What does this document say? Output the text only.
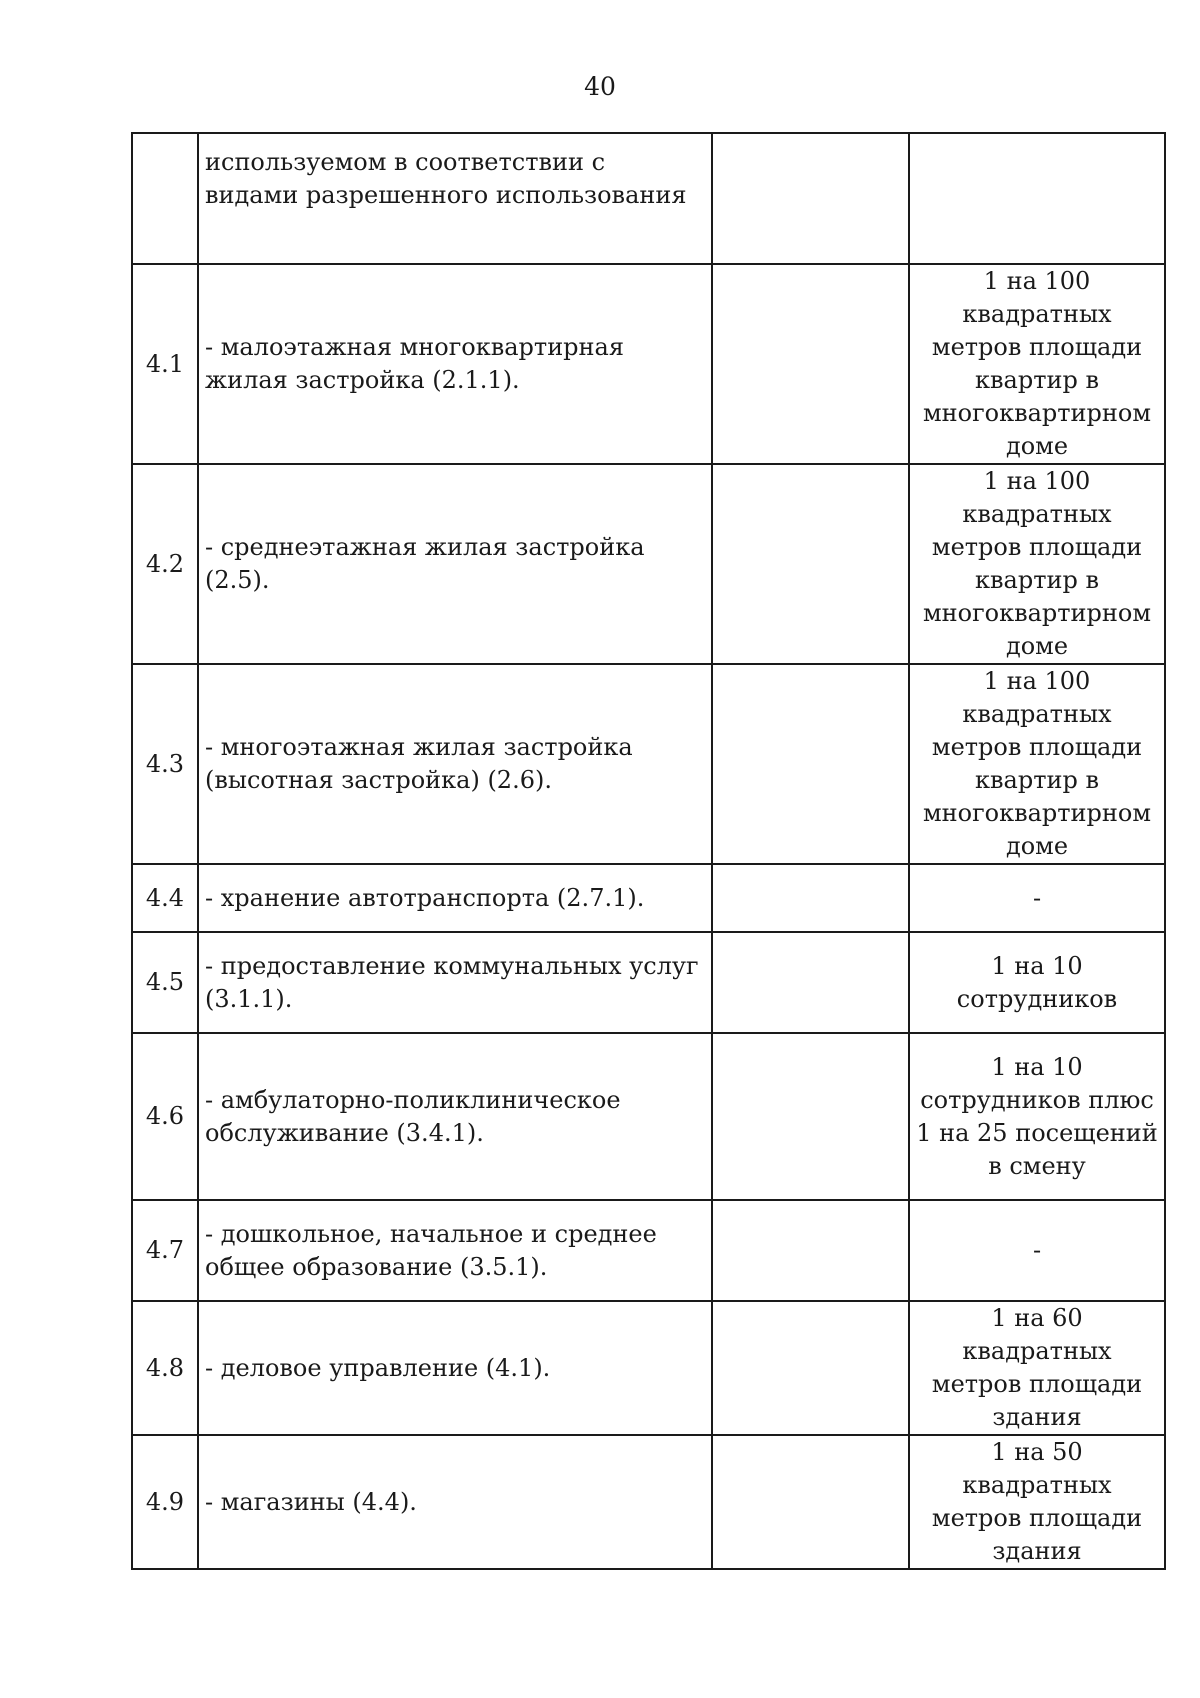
40
	используемом в соответствии с видами разрешенного использования		
4.1	- малоэтажная многоквартирная жилая застройка (2.1.1).		1 на 100 квадратных метров площади квартир в многоквартирном доме
4.2	- среднеэтажная жилая застройка (2.5).		1 на 100 квадратных метров площади квартир в многоквартирном доме
4.3	- многоэтажная жилая застройка (высотная застройка) (2.6).		1 на 100 квадратных метров площади квартир в многоквартирном доме
4.4	- хранение автотранспорта (2.7.1).		-
4.5	- предоставление коммунальных услуг (3.1.1).		1 на 10 сотрудников
4.6	- амбулаторно-поликлиническое обслуживание (3.4.1).		1 на 10 сотрудников плюс 1 на 25 посещений в смену
4.7	- дошкольное, начальное и среднее общее образование (3.5.1).		-
4.8	- деловое управление (4.1).		1 на 60 квадратных метров площади здания
4.9	- магазины (4.4).		1 на 50 квадратных метров площади здания
